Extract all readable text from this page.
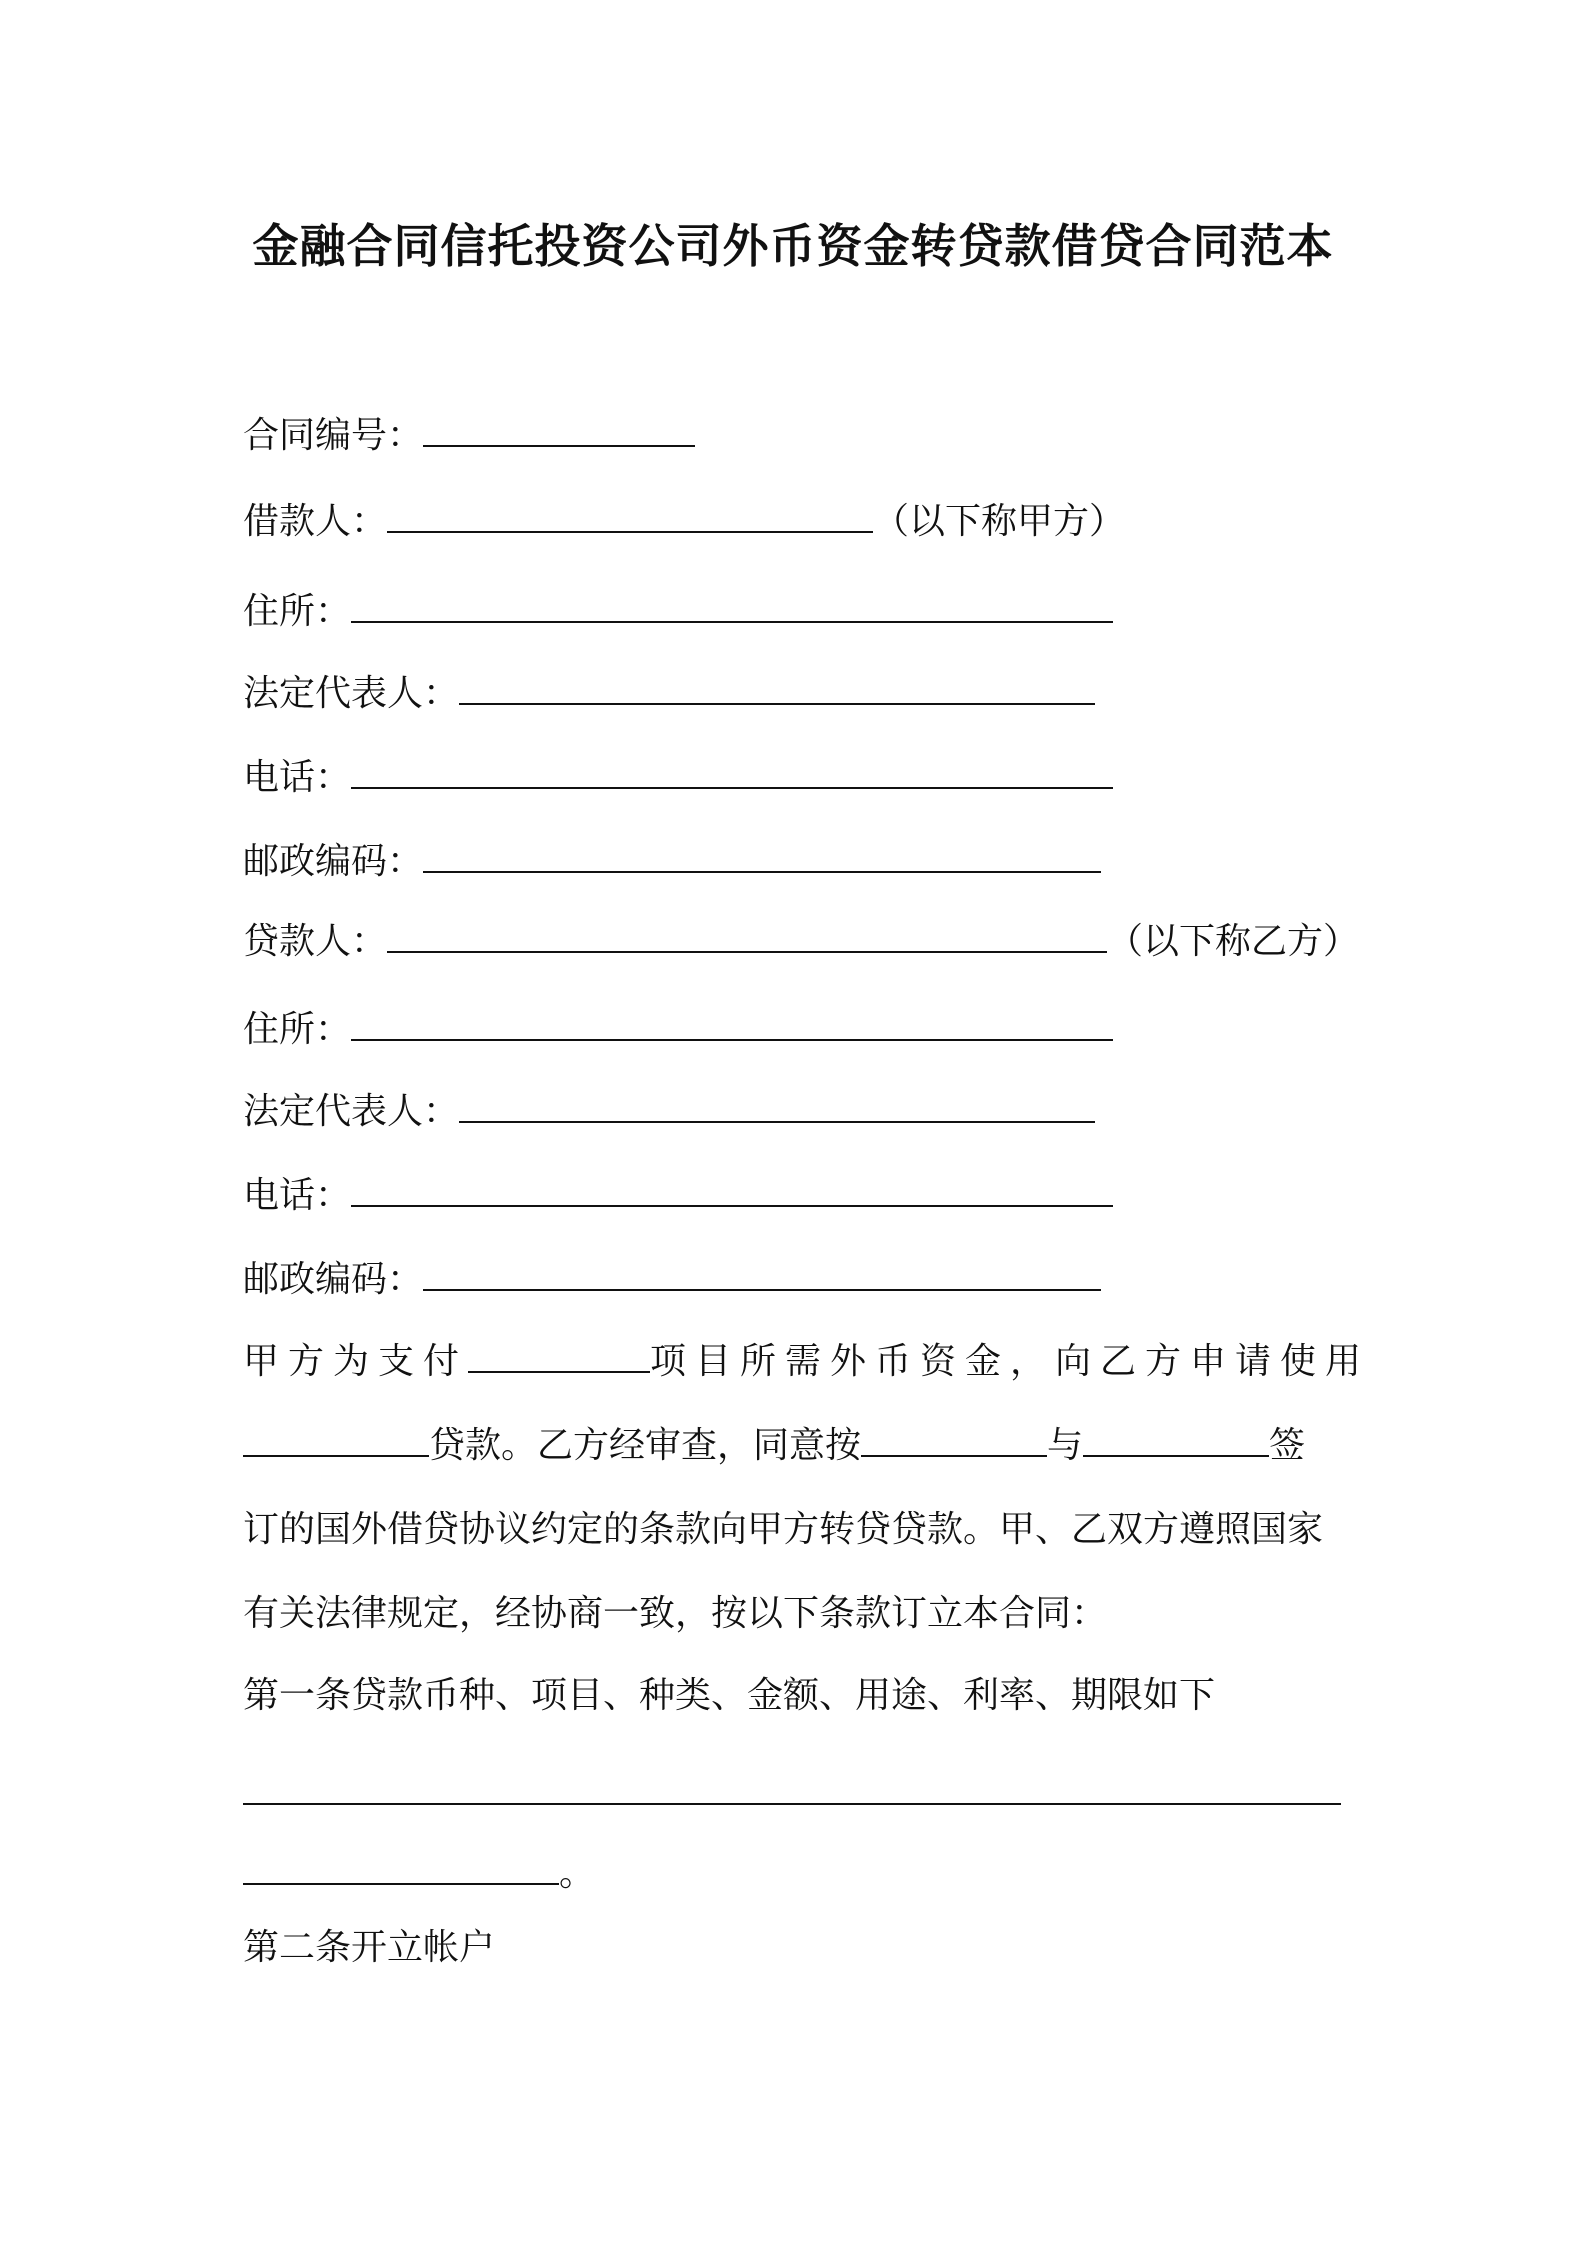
金融合同信托投资公司外币资金转贷款借贷合同范本
合同编号：
借款人：	（以下称甲方）
住所：
法定代表人：
电话：
邮政编码：
贷款人：	（以下称乙方）
住所：
法定代表人：
电话：
邮政编码：
甲方为支付	项目所需外币资金，向乙方申请使用
贷款。乙方经审查，同意按	与	签
订的国外借贷协议约定的条款向甲方转贷贷款。甲、乙双方遵照国家
有关法律规定，经协商一致，按以下条款订立本合同：
第一条贷款币种、项目、种类、金额、用途、利率、期限如下
。
第二条开立帐户
